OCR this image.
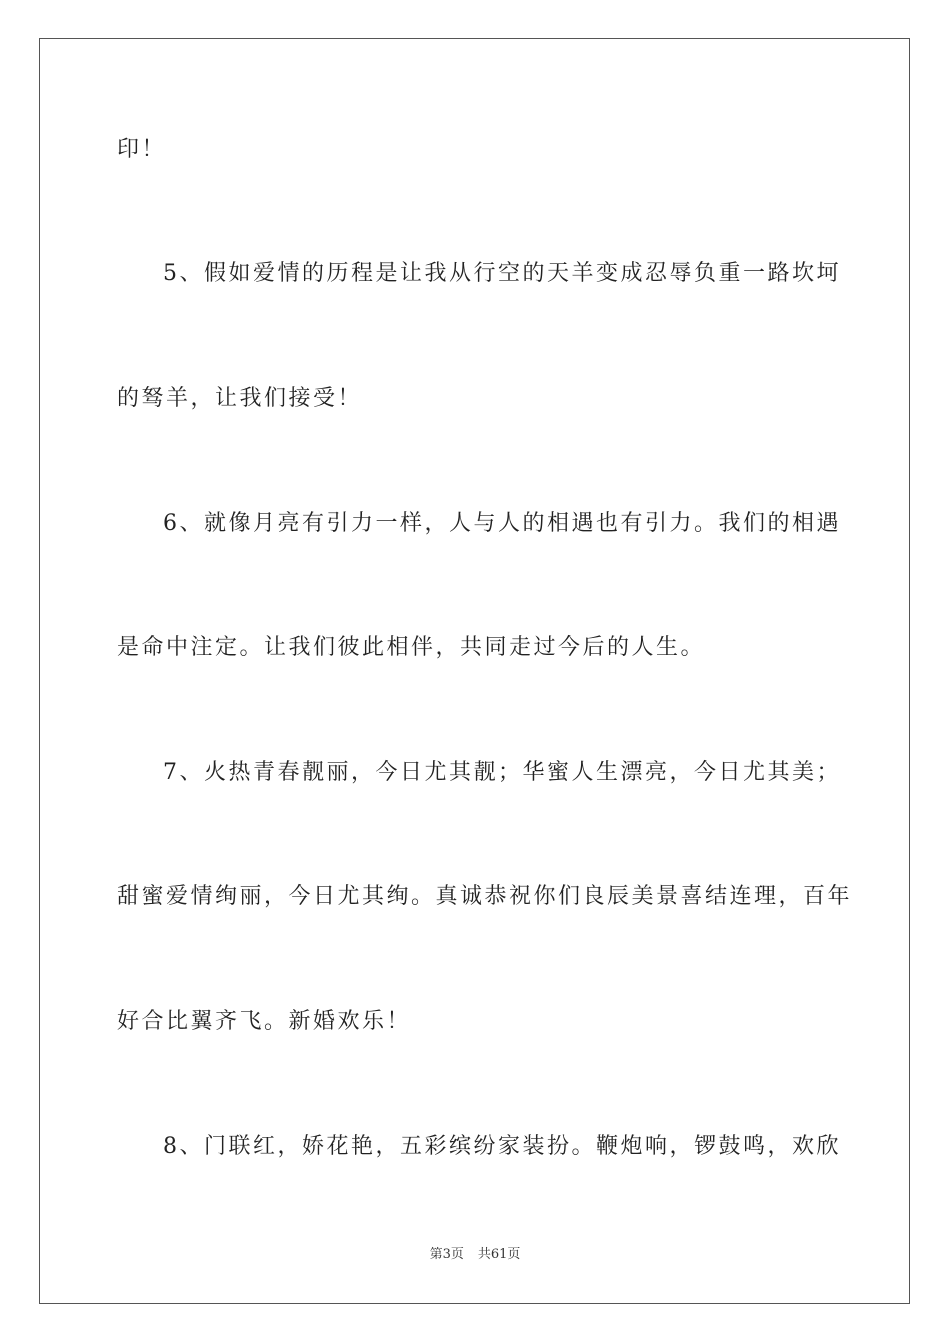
印！
5、假如爱情的历程是让我从行空的天羊变成忍辱负重一路坎坷
的驽羊，让我们接受！
6、就像月亮有引力一样，人与人的相遇也有引力。我们的相遇
是命中注定。让我们彼此相伴，共同走过今后的人生。
7、火热青春靓丽，今日尤其靓；华蜜人生漂亮，今日尤其美；
甜蜜爱情绚丽，今日尤其绚。真诚恭祝你们良辰美景喜结连理，百年
好合比翼齐飞。新婚欢乐！
8、门联红，娇花艳，五彩缤纷家装扮。鞭炮响，锣鼓鸣，欢欣
第3页 共61页
